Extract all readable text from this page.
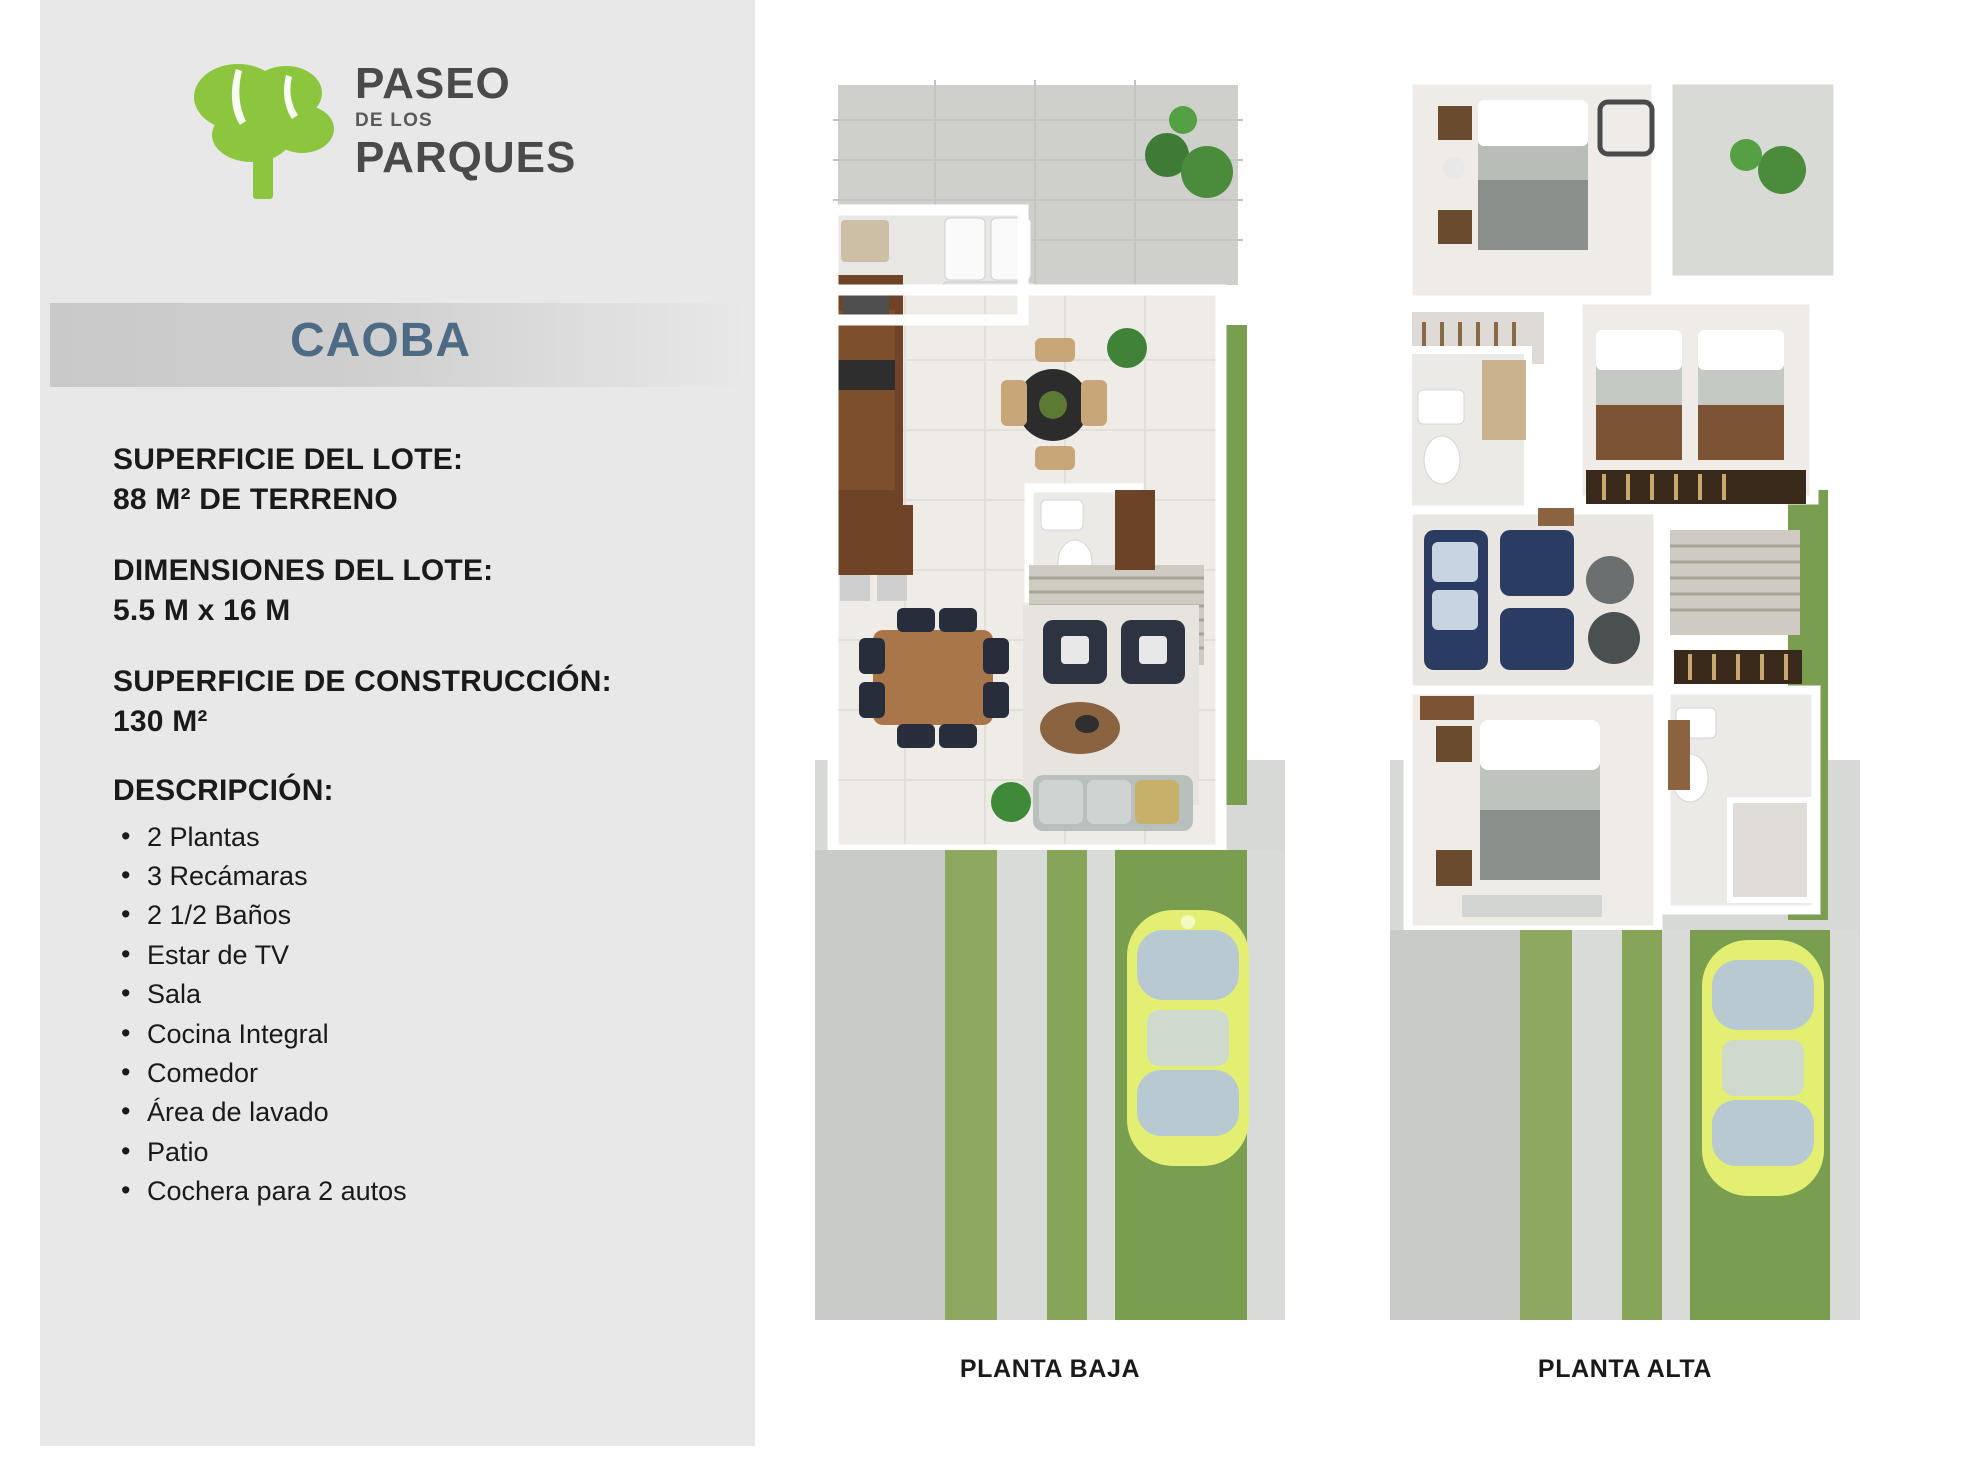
PASEO
DE LOS
PARQUES
CAOBA
SUPERFICIE DEL LOTE:
88 M² DE TERRENO
DIMENSIONES DEL LOTE:
5.5 M x 16 M
SUPERFICIE DE CONSTRUCCIÓN:
130 M²
DESCRIPCIÓN:
• 2 Plantas
• 3 Recámaras
• 2 1/2 Baños
• Estar de TV
• Sala
• Cocina Integral
• Comedor
• Área de lavado
• Patio
• Cochera para 2 autos
PLANTA BAJA	PLANTA ALTA
